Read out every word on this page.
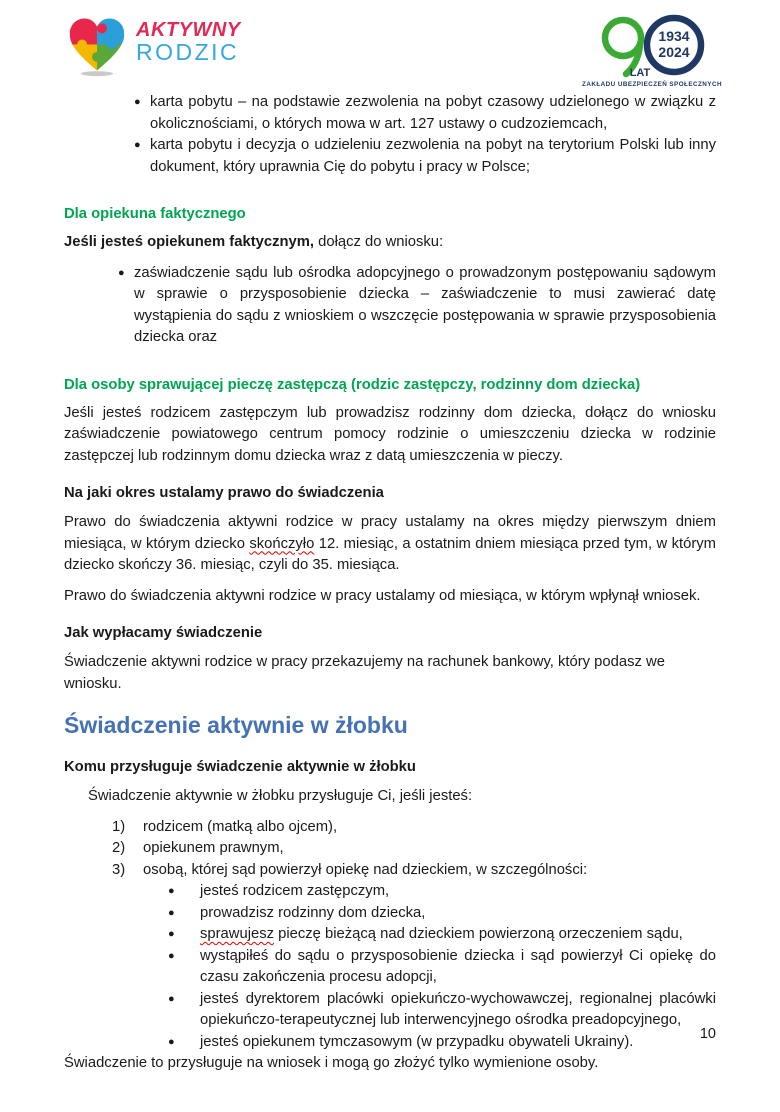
AKTYWNY
RODZIC
1934
2024
LAT
ZAKŁADU UBEZPIECZEŃ SPOŁECZNYCH
● karta pobytu – na podstawie zezwolenia na pobyt czasowy udzielonego w związku z okolicznościami, o których mowa w art. 127 ustawy o cudzoziemcach,
● karta pobytu i decyzja o udzieleniu zezwolenia na pobyt na terytorium Polski lub inny dokument, który uprawnia Cię do pobytu i pracy w Polsce;
Dla opiekuna faktycznego

Jeśli jesteś opiekunem faktycznym, dołącz do wniosku:

● zaświadczenie sądu lub ośrodka adopcyjnego o prowadzonym postępowaniu sądowym w sprawie o przysposobienie dziecka – zaświadczenie to musi zawierać datę wystąpienia do sądu z wnioskiem o wszczęcie postępowania w sprawie przysposobienia dziecka oraz
Dla osoby sprawującej pieczę zastępczą (rodzic zastępczy, rodzinny dom dziecka)

Jeśli jesteś rodzicem zastępczym lub prowadzisz rodzinny dom dziecka, dołącz do wniosku zaświadczenie powiatowego centrum pomocy rodzinie o umieszczeniu dziecka w rodzinie zastępczej lub rodzinnym domu dziecka wraz z datą umieszczenia w pieczy.

Na jaki okres ustalamy prawo do świadczenia

Prawo do świadczenia aktywni rodzice w pracy ustalamy na okres między pierwszym dniem miesiąca, w którym dziecko skończyło 12. miesiąc, a ostatnim dniem miesiąca przed tym, w którym dziecko skończy 36. miesiąc, czyli do 35. miesiąca.

Prawo do świadczenia aktywni rodzice w pracy ustalamy od miesiąca, w którym wpłynął wniosek.

Jak wypłacamy świadczenie

Świadczenie aktywni rodzice w pracy przekazujemy na rachunek bankowy, który podasz we wniosku.

Świadczenie aktywnie w żłobku
Komu przysługuje świadczenie aktywnie w żłobku

Świadczenie aktywnie w żłobku przysługuje Ci, jeśli jesteś:

1)	rodzicem (matką albo ojcem),
2)	opiekunem prawnym,
3)	osobą, której sąd powierzył opiekę nad dzieckiem, w szczególności:
●	jesteś rodzicem zastępczym,
●	prowadzisz rodzinny dom dziecka,
●	sprawujesz pieczę bieżącą nad dzieckiem powierzoną orzeczeniem sądu,
●	wystąpiłeś do sądu o przysposobienie dziecka i sąd powierzył Ci opiekę do czasu zakończenia procesu adopcji,
●	jesteś dyrektorem placówki opiekuńczo-wychowawczej, regionalnej placówki opiekuńczo-terapeutycznej lub interwencyjnego ośrodka preadopcyjnego,
●	jesteś opiekunem tymczasowym (w przypadku obywateli Ukrainy).

Świadczenie to przysługuje na wniosek i mogą go złożyć tylko wymienione osoby.

10
